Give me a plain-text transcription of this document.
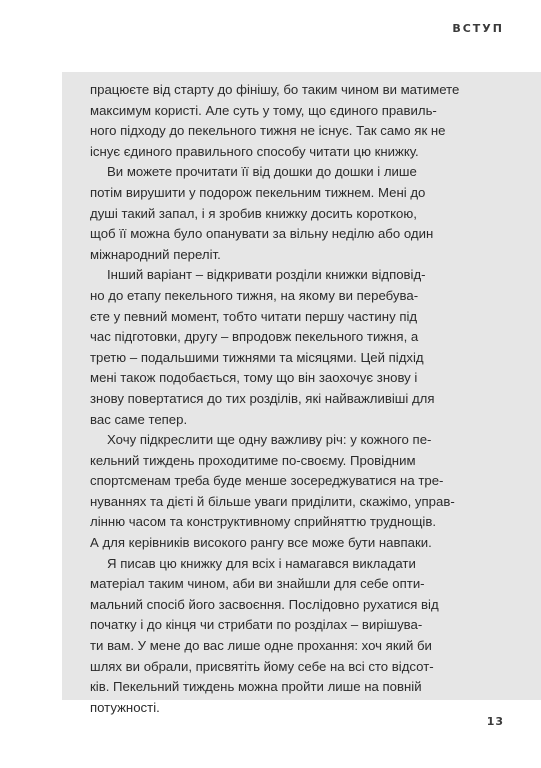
ВСТУП
працюєте від старту до фінішу, бо таким чином ви матимете
максимум користі. Але суть у тому, що єдиного правиль-
ного підходу до пекельного тижня не існує. Так само як не
існує єдиного правильного способу читати цю книжку.
Ви можете прочитати її від дошки до дошки і лише
потім вирушити у подорож пекельним тижнем. Мені до
душі такий запал, і я зробив книжку досить короткою,
щоб її можна було опанувати за вільну неділю або один
міжнародний переліт.
Інший варіант – відкривати розділи книжки відповід-
но до етапу пекельного тижня, на якому ви перебува-
єте у певний момент, тобто читати першу частину під
час підготовки, другу – впродовж пекельного тижня, а
третю – подальшими тижнями та місяцями. Цей підхід
мені також подобається, тому що він заохочує знову і
знову повертатися до тих розділів, які найважливіші для
вас саме тепер.
Хочу підкреслити ще одну важливу річ: у кожного пе-
кельний тиждень проходитиме по-своєму. Провідним
спортсменам треба буде менше зосереджуватися на тре-
нуваннях та дієті й більше уваги приділити, скажімо, управ-
лінню часом та конструктивному сприйняттю труднощів.
А для керівників високого рангу все може бути навпаки.
Я писав цю книжку для всіх і намагався викладати
матеріал таким чином, аби ви знайшли для себе опти-
мальний спосіб його засвоєння. Послідовно рухатися від
початку і до кінця чи стрибати по розділах – вирішува-
ти вам. У мене до вас лише одне прохання: хоч який би
шлях ви обрали, присвятіть йому себе на всі сто відсот-
ків. Пекельний тиждень можна пройти лише на повній
потужності.
13
